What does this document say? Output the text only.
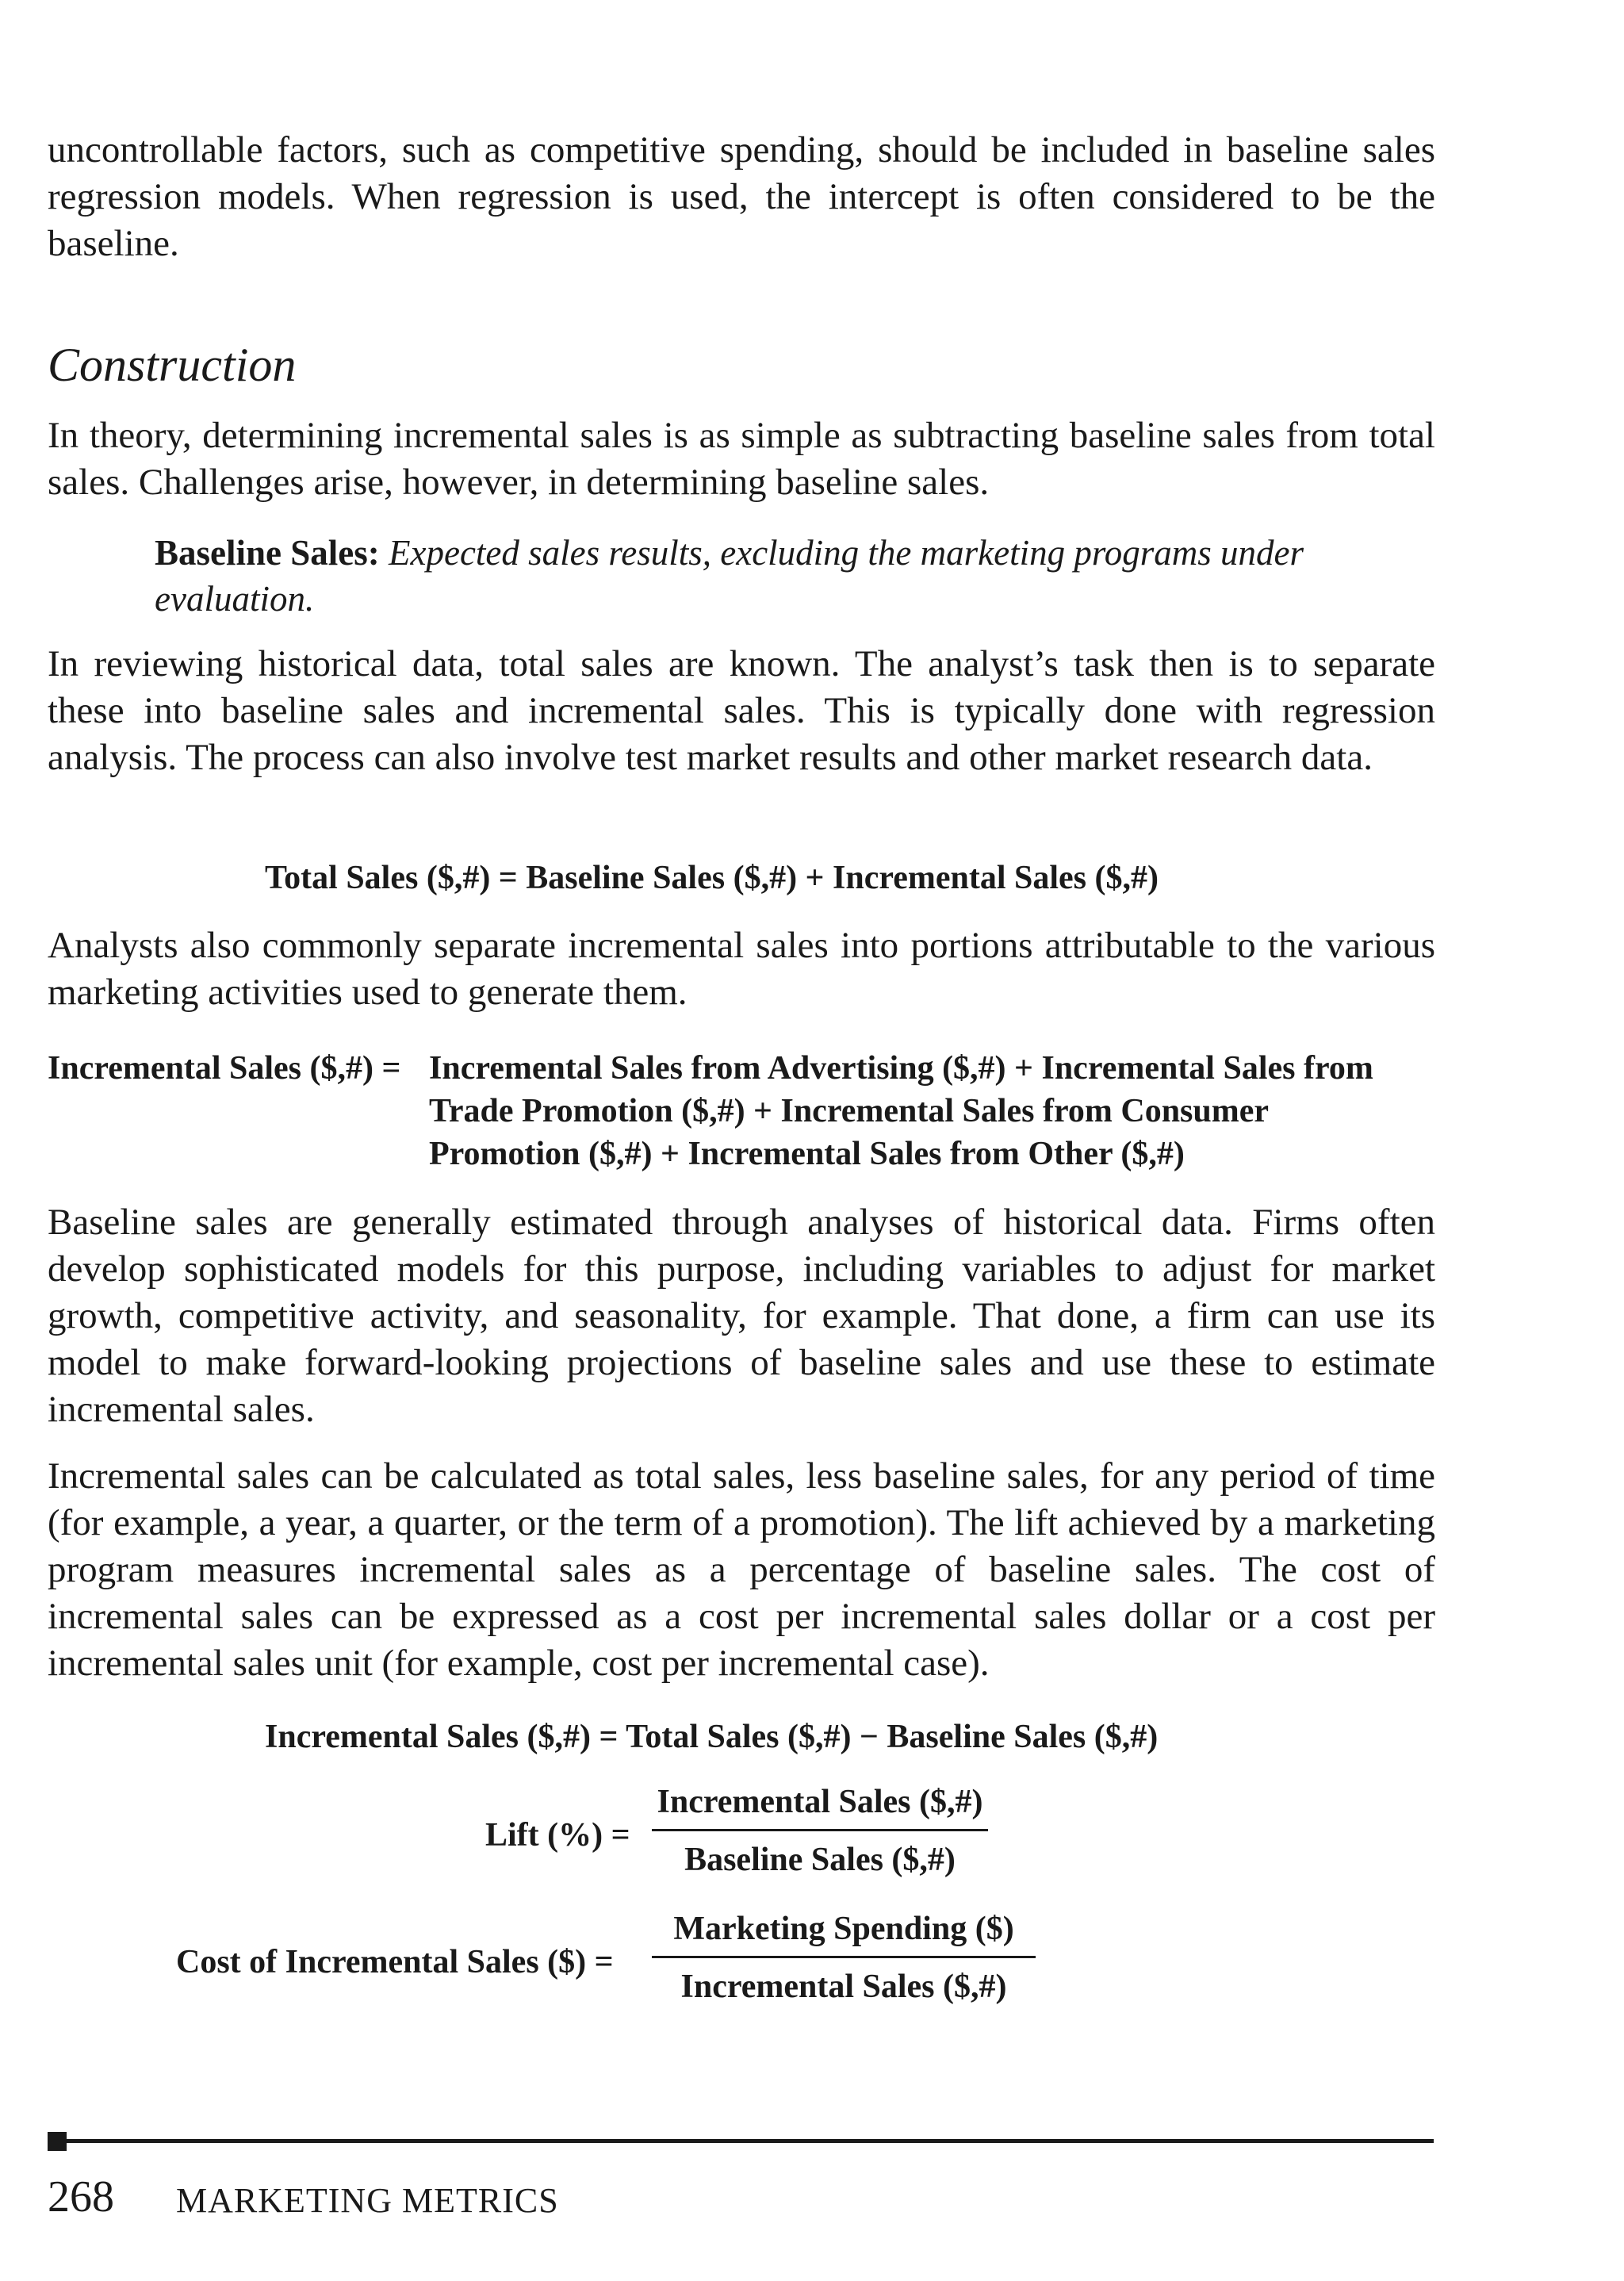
uncontrollable factors, such as competitive spending, should be included in baseline sales regression models. When regression is used, the intercept is often considered to be the baseline.
Construction
In theory, determining incremental sales is as simple as subtracting baseline sales from total sales. Challenges arise, however, in determining baseline sales.
Baseline Sales: Expected sales results, excluding the marketing programs under evaluation.
In reviewing historical data, total sales are known. The analyst’s task then is to separate these into baseline sales and incremental sales. This is typically done with regression analysis. The process can also involve test market results and other market research data.
Total Sales ($,#) = Baseline Sales ($,#) + Incremental Sales ($,#)
Analysts also commonly separate incremental sales into portions attributable to the various marketing activities used to generate them.
Incremental Sales ($,#) = Incremental Sales from Advertising ($,#) + Incremental Sales from
Trade Promotion ($,#) + Incremental Sales from Consumer
Promotion ($,#) + Incremental Sales from Other ($,#)
Baseline sales are generally estimated through analyses of historical data. Firms often develop sophisticated models for this purpose, including variables to adjust for market growth, competitive activity, and seasonality, for example. That done, a firm can use its model to make forward-looking projections of baseline sales and use these to estimate incremental sales.
Incremental sales can be calculated as total sales, less baseline sales, for any period of time (for example, a year, a quarter, or the term of a promotion). The lift achieved by a marketing program measures incremental sales as a percentage of baseline sales. The cost of incremental sales can be expressed as a cost per incremental sales dollar or a cost per incremental sales unit (for example, cost per incremental case).
Incremental Sales ($,#) = Total Sales ($,#) − Baseline Sales ($,#)
Lift (%) =
Incremental Sales ($,#)
Baseline Sales ($,#)
Cost of Incremental Sales ($) =
Marketing Spending ($)
Incremental Sales ($,#)
268 MARKETING METRICS
